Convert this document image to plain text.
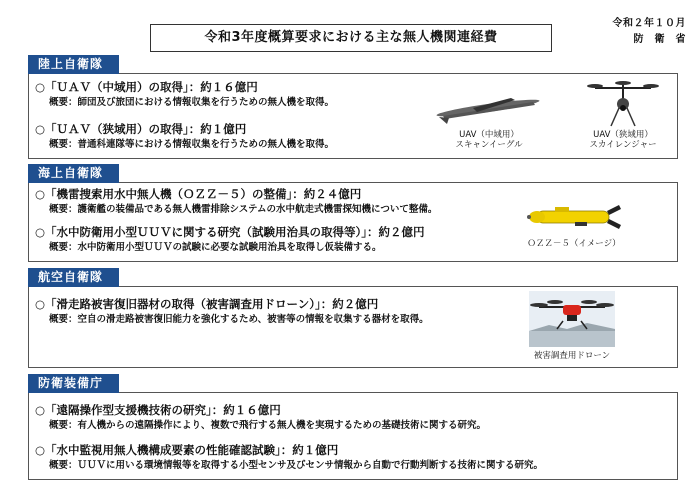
令和3年度概算要求における主な無人機関連経費
令和２年１０月
防　衛　省
陸上自衛隊
○「ＵＡＶ（中域用）の取得」：約１６億円
概要：師団及び旅団における情報収集を行うための無人機を取得。
○「ＵＡＶ（狭域用）の取得」：約１億円
概要：普通科連隊等における情報収集を行うための無人機を取得。
UAV（中域用）
スキャンイーグル
UAV（狭域用）
スカイレンジャー
海上自衛隊
○「機雷捜索用水中無人機（ＯＺＺ－５）の整備」：約２４億円
概要：護衛艦の装備品である無人機雷排除システムの水中航走式機雷探知機について整備。
○「水中防衛用小型ＵＵＶに関する研究（試験用治具の取得等）」：約２億円
概要：水中防衛用小型ＵＵＶの試験に必要な試験用治具を取得し仮装備する。	ＯＺＺ－５（イメージ）
航空自衛隊
○「滑走路被害復旧器材の取得（被害調査用ドローン）」：約２億円
概要：空自の滑走路被害復旧能力を強化するため、被害等の情報を収集する器材を取得。
被害調査用ドローン
防衛装備庁
○「遠隔操作型支援機技術の研究」：約１６億円
概要：有人機からの遠隔操作により、複数で飛行する無人機を実現するための基礎技術に関する研究。
○「水中監視用無人機構成要素の性能確認試験」：約１億円
概要：ＵＵＶに用いる環境情報等を取得する小型センサ及びセンサ情報から自動で行動判断する技術に関する研究。
